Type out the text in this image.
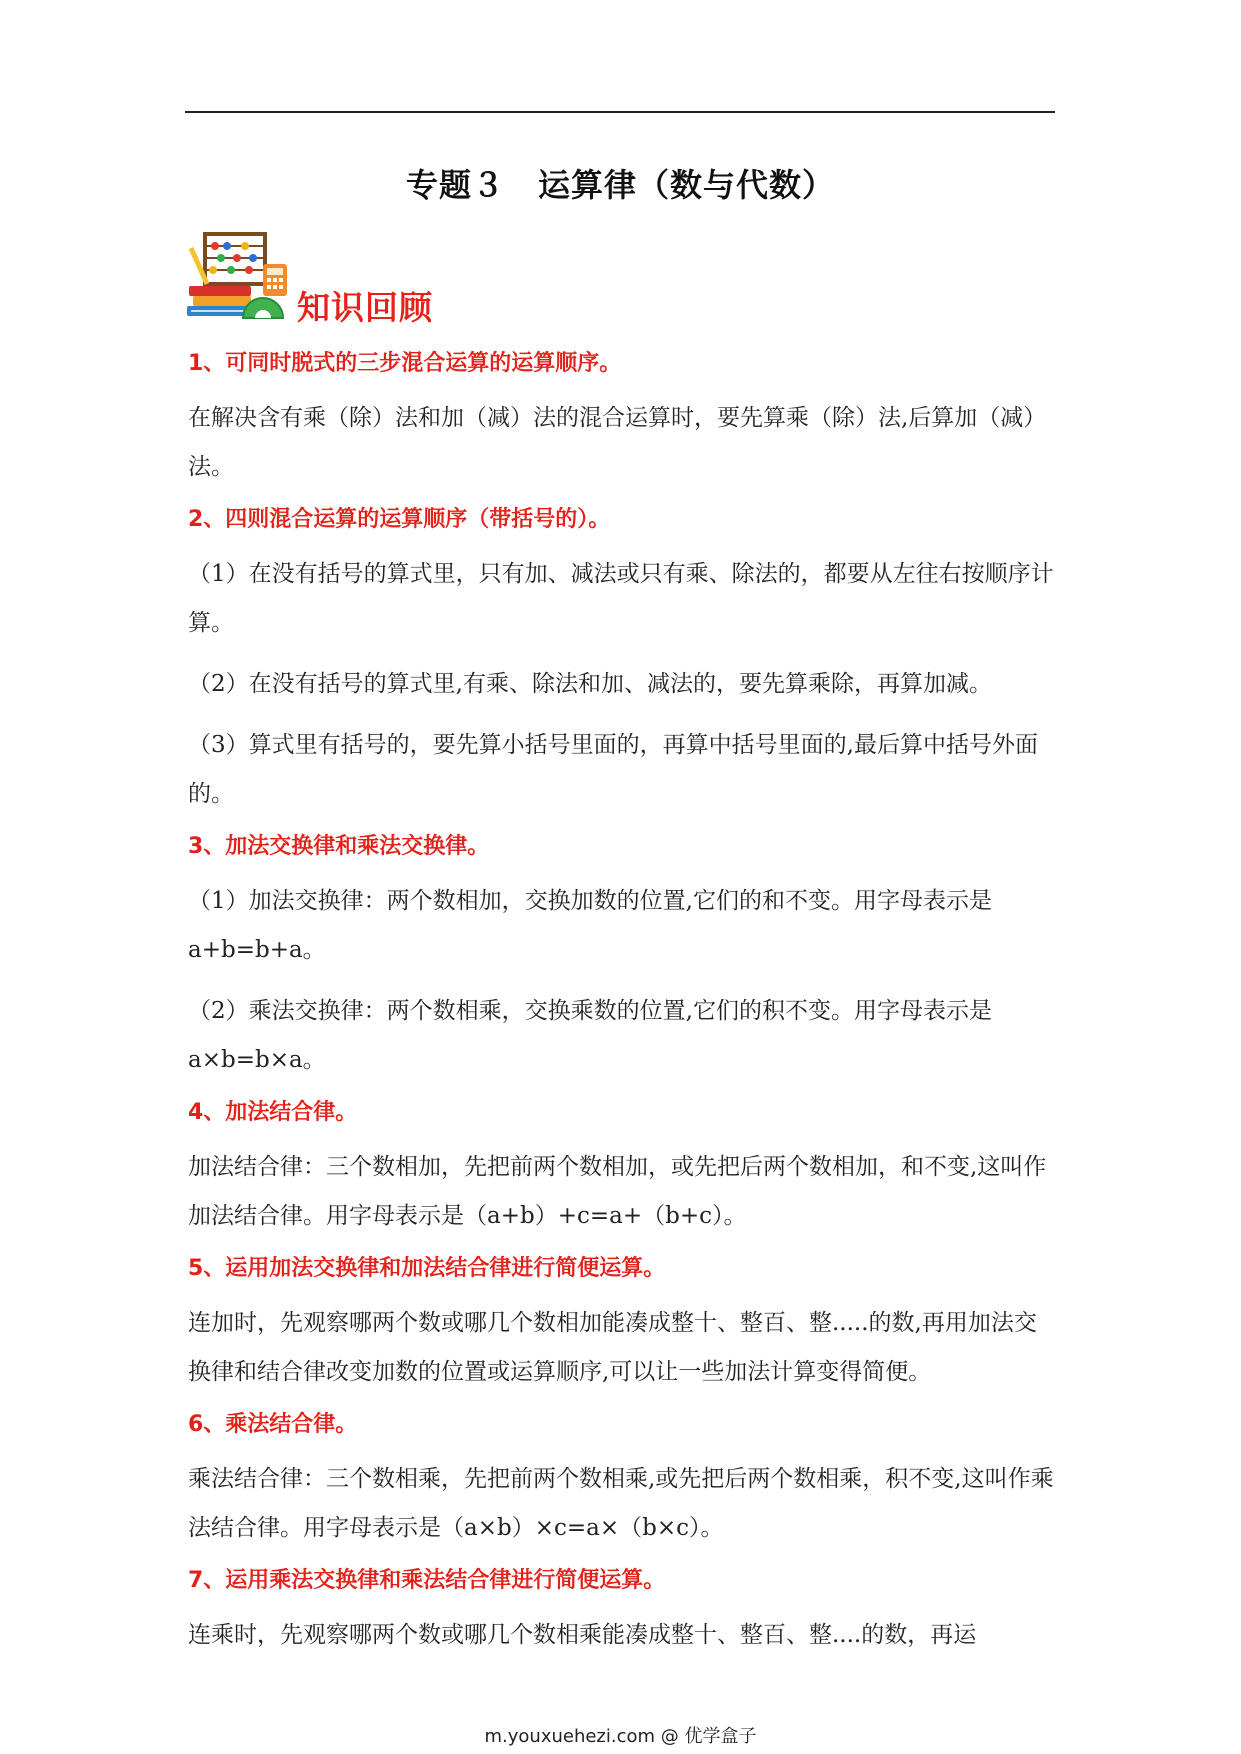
专题３　运算律（数与代数）
知识回顾
1、可同时脱式的三步混合运算的运算顺序。

在解决含有乘（除）法和加（减）法的混合运算时，要先算乘（除）法,后算加（减）法。

2、四则混合运算的运算顺序（带括号的）。

（1）在没有括号的算式里，只有加、减法或只有乘、除法的，都要从左往右按顺序计算。

（2）在没有括号的算式里,有乘、除法和加、减法的，要先算乘除，再算加减。

（3）算式里有括号的，要先算小括号里面的，再算中括号里面的,最后算中括号外面的。

3、加法交换律和乘法交换律。

（1）加法交换律：两个数相加，交换加数的位置,它们的和不变。用字母表示是a+b=b+a。

（2）乘法交换律：两个数相乘，交换乘数的位置,它们的积不变。用字母表示是a×b=b×a。

4、加法结合律。

加法结合律：三个数相加，先把前两个数相加，或先把后两个数相加，和不变,这叫作加法结合律。用字母表示是（a+b）+c=a+（b+c）。

5、运用加法交换律和加法结合律进行简便运算。

连加时，先观察哪两个数或哪几个数相加能凑成整十、整百、整.....的数,再用加法交换律和结合律改变加数的位置或运算顺序,可以让一些加法计算变得简便。

6、乘法结合律。

乘法结合律：三个数相乘，先把前两个数相乘,或先把后两个数相乘，积不变,这叫作乘法结合律。用字母表示是（a×b）×c=a×（b×c）。

7、运用乘法交换律和乘法结合律进行简便运算。

连乘时，先观察哪两个数或哪几个数相乘能凑成整十、整百、整....的数，再运

m.youxuehezi.com @ 优学盒子
